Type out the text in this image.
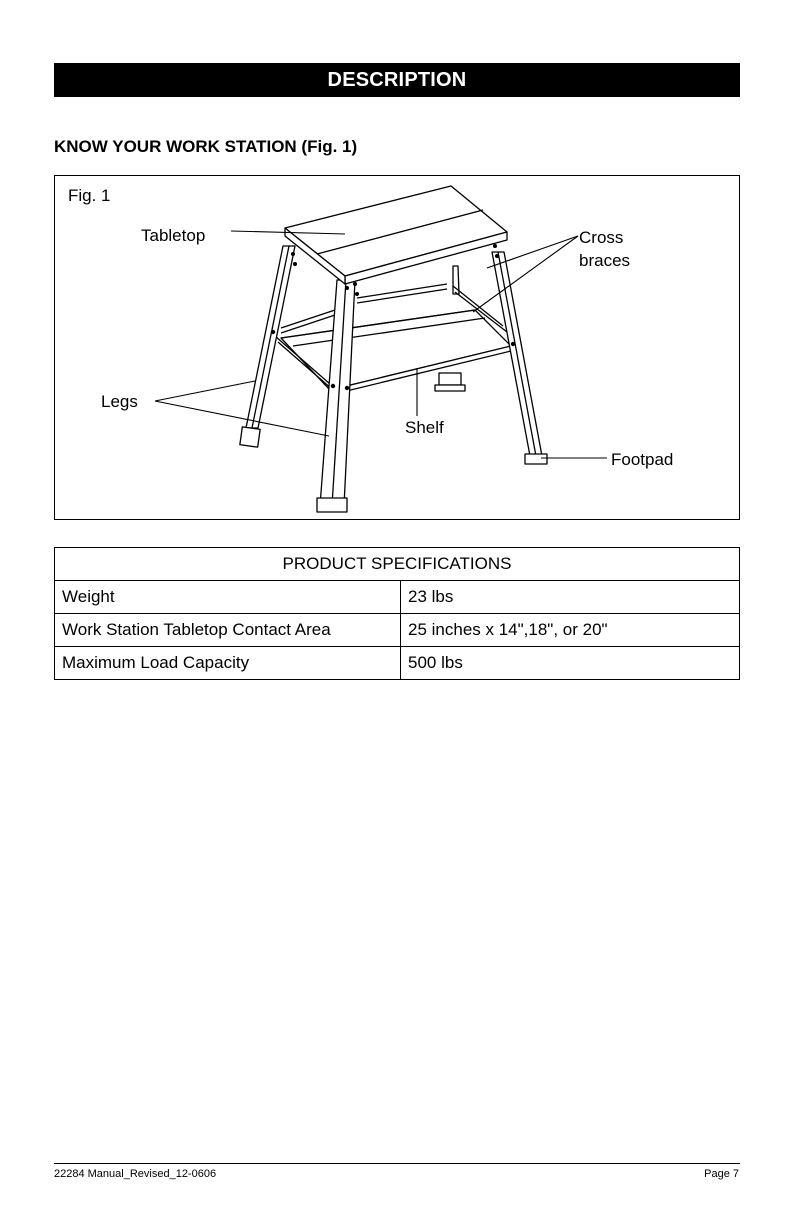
DESCRIPTION
KNOW YOUR WORK STATION (Fig. 1)
Fig. 1
Tabletop	Cross
braces
Legs
Shelf
Footpad
PRODUCT SPECIFICATIONS	
Weight	23 lbs
Work Station Tabletop Contact Area	25 inches x 14",18", or 20"
Maximum Load Capacity	500 lbs
22284 Manual_Revised_12-0606	Page 7
